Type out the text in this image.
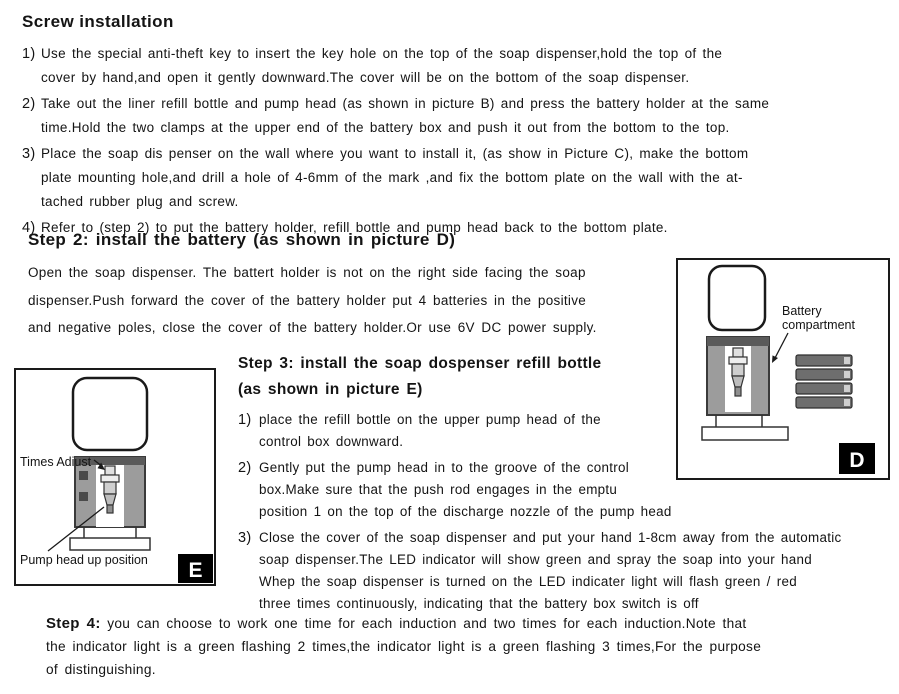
Screw installation
1) Use the special anti-theft key to insert the key hole on the top of the soap dispenser,hold the top of the
cover by hand,and open it gently downward.The cover will be on the bottom of the soap dispenser.
2) Take out the liner refill bottle and pump head (as shown in picture B) and press the battery holder at the same
time.Hold the two clamps at the upper end of the battery box and push it out from the bottom to the top.
3) Place the soap dis penser on the wall where you want to install it, (as show in Picture C), make the bottom
plate mounting hole,and drill a hole of 4-6mm of the mark ,and fix the bottom plate on the wall with the at-
tached rubber plug and screw.
4) Refer to (step 2) to put the battery holder, refill bottle and pump head back to the bottom plate.
Step 2: install the battery (as shown in picture D)
Open the soap dispenser. The battert holder is not on the right side facing the soap
dispenser.Push forward the cover of the battery holder put 4 batteries in the positive
and negative poles, close the cover of the battery holder.Or use 6V DC power supply.
Battery
compartment
D
Step 3: install the soap dospenser refill bottle
(as shown in picture E)
1) place the refill bottle on the upper pump head of the
control box downward.
2) Gently put the pump head in to the groove of the control
box.Make sure that the push rod engages in the emptu
position 1 on the top of the discharge nozzle of the pump head
3) Close the cover of the soap dispenser and put your hand 1-8cm away from the automatic
soap dispenser.The LED indicator will show green and spray the soap into your hand
Whep the soap dispenser is turned on the LED indicater light will flash green / red
three times continuously, indicating that the battery box switch is off
Times Adiust
Pump head up position E
Step 4: you can choose to work one time for each induction and two times for each induction.Note that
the indicator light is a green flashing 2 times,the indicator light is a green flashing 3 times,For the purpose
of distinguishing.
